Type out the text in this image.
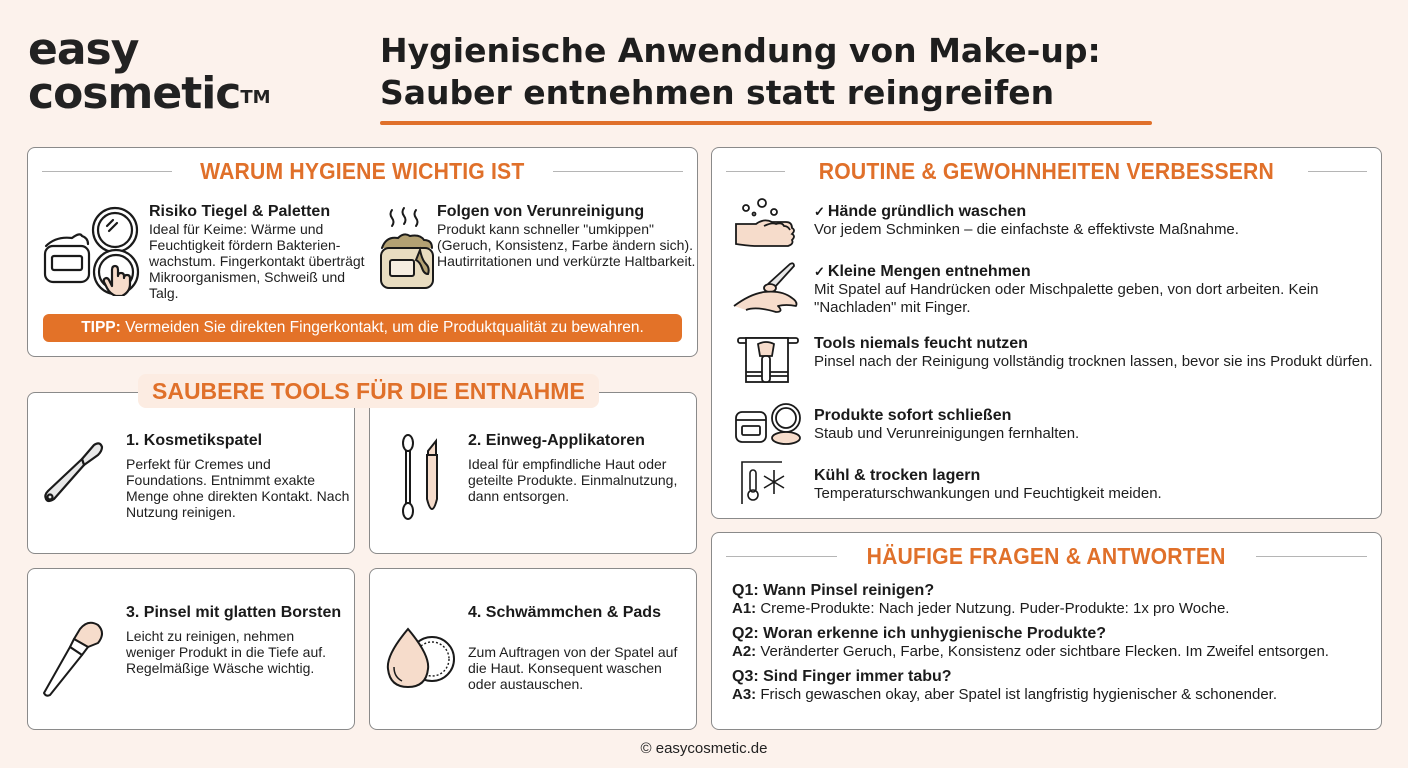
easy
cosmetic™
Hygienische Anwendung von Make-up:
Sauber entnehmen statt reingreifen
WARUM HYGIENE WICHTIG IST
Risiko Tiegel & Paletten
Ideal für Keime: Wärme und Feuchtigkeit fördern Bakterien-wachstum. Fingerkontakt überträgt Mikroorganismen, Schweiß und Talg.
Folgen von Verunreinigung
Produkt kann schneller "umkippen" (Geruch, Konsistenz, Farbe ändern sich). Hautirritationen und verkürzte Haltbarkeit.
TIPP: Vermeiden Sie direkten Fingerkontakt, um die Produktqualität zu bewahren.
1. Kosmetikspatel
Perfekt für Cremes und Foundations. Entnimmt exakte Menge ohne direkten Kontakt. Nach Nutzung reinigen.
2. Einweg-Applikatoren
Ideal für empfindliche Haut oder geteilte Produkte. Einmalnutzung, dann entsorgen.
SAUBERE TOOLS FÜR DIE ENTNAHME
3. Pinsel mit glatten Borsten
Leicht zu reinigen, nehmen weniger Produkt in die Tiefe auf. Regelmäßige Wäsche wichtig.
4. Schwämmchen & Pads
Zum Auftragen von der Spatel auf die Haut. Konsequent waschen oder austauschen.
ROUTINE & GEWOHNHEITEN VERBESSERN
✓ Hände gründlich waschen
Vor jedem Schminken – die einfachste & effektivste Maßnahme.
✓ Kleine Mengen entnehmen
Mit Spatel auf Handrücken oder Mischpalette geben, von dort arbeiten. Kein "Nachladen" mit Finger.
Tools niemals feucht nutzen
Pinsel nach der Reinigung vollständig trocknen lassen, bevor sie ins Produkt dürfen.
Produkte sofort schließen
Staub und Verunreinigungen fernhalten.
Kühl & trocken lagern
Temperaturschwankungen und Feuchtigkeit meiden.
HÄUFIGE FRAGEN & ANTWORTEN
Q1: Wann Pinsel reinigen?
A1: Creme-Produkte: Nach jeder Nutzung. Puder-Produkte: 1x pro Woche.
Q2: Woran erkenne ich unhygienische Produkte?
A2: Veränderter Geruch, Farbe, Konsistenz oder sichtbare Flecken. Im Zweifel entsorgen.
Q3: Sind Finger immer tabu?
A3: Frisch gewaschen okay, aber Spatel ist langfristig hygienischer & schonender.
© easycosmetic.de
